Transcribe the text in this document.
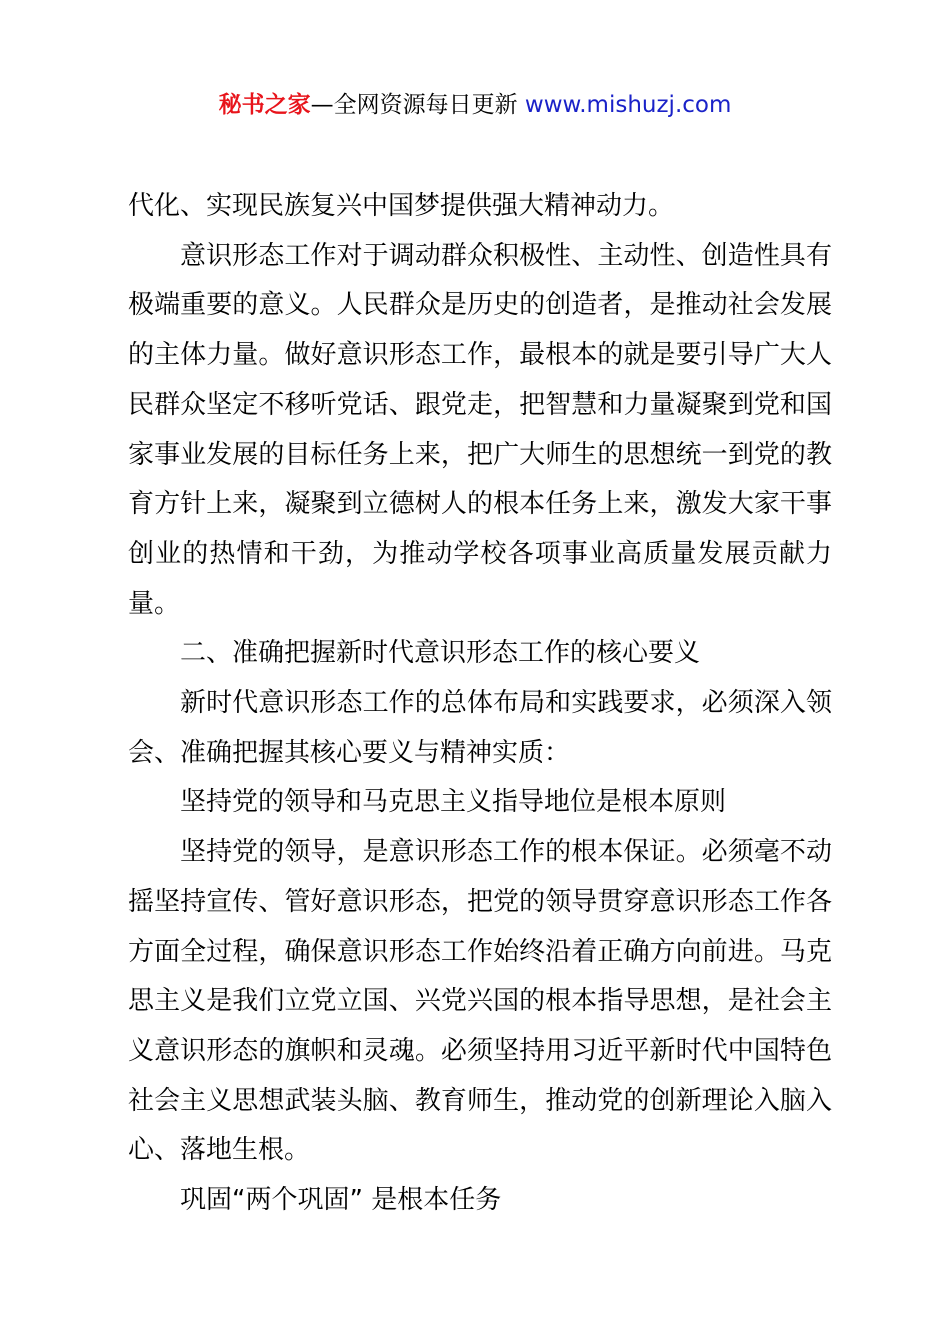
秘书之家—全网资源每日更新 www.mishuzj.com

代化、实现民族复兴中国梦提供强大精神动力。

意识形态工作对于调动群众积极性、主动性、创造性具有极端重要的意义。人民群众是历史的创造者，是推动社会发展的主体力量。做好意识形态工作，最根本的就是要引导广大人民群众坚定不移听党话、跟党走，把智慧和力量凝聚到党和国家事业发展的目标任务上来，把广大师生的思想统一到党的教育方针上来，凝聚到立德树人的根本任务上来，激发大家干事创业的热情和干劲，为推动学校各项事业高质量发展贡献力量。

二、准确把握新时代意识形态工作的核心要义

新时代意识形态工作的总体布局和实践要求，必须深入领会、准确把握其核心要义与精神实质：

坚持党的领导和马克思主义指导地位是根本原则

坚持党的领导，是意识形态工作的根本保证。必须毫不动摇坚持宣传、管好意识形态，把党的领导贯穿意识形态工作各方面全过程，确保意识形态工作始终沿着正确方向前进。马克思主义是我们立党立国、兴党兴国的根本指导思想，是社会主义意识形态的旗帜和灵魂。必须坚持用习近平新时代中国特色社会主义思想武装头脑、教育师生，推动党的创新理论入脑入心、落地生根。

巩固“两个巩固” 是根本任务
